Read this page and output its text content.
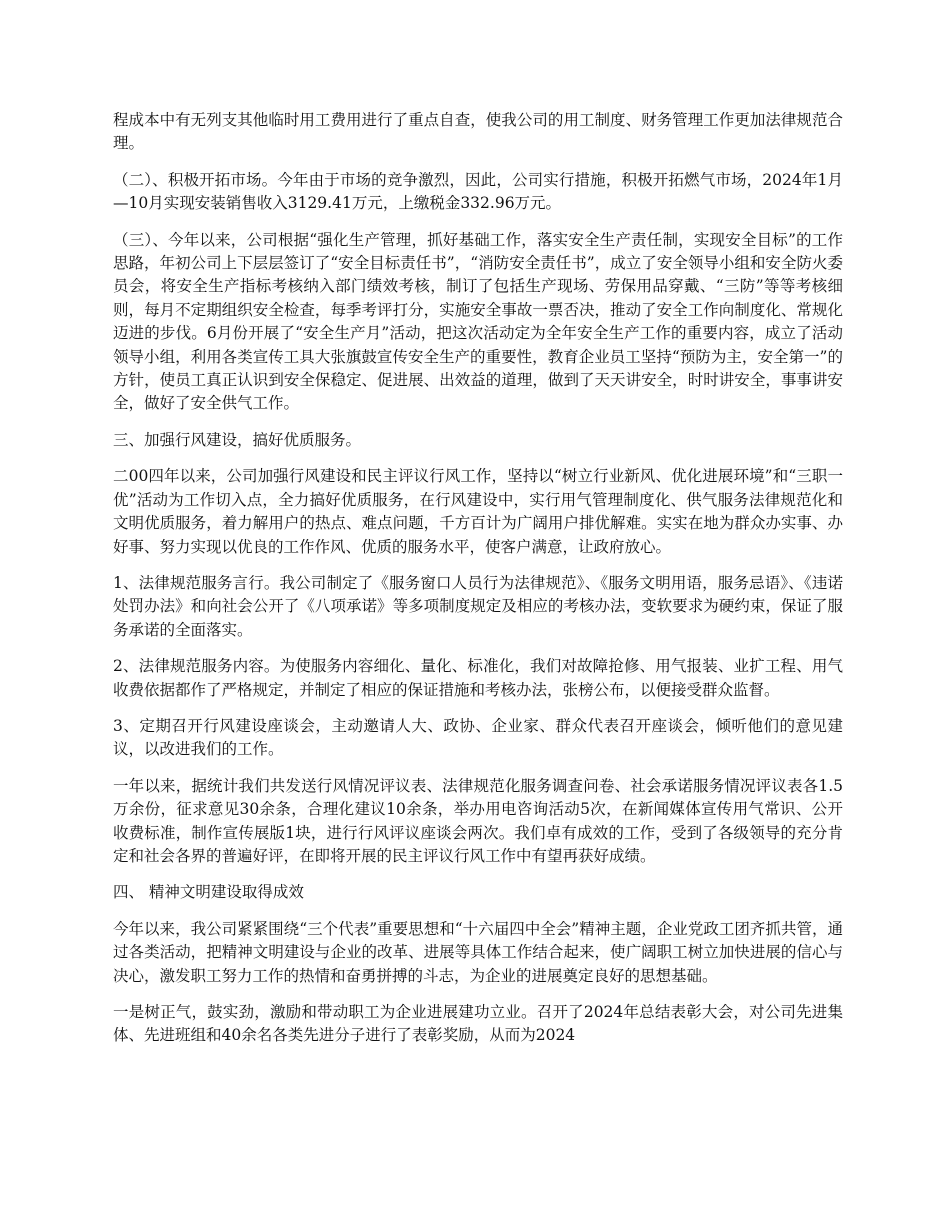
程成本中有无列支其他临时用工费用进行了重点自查，使我公司的用工制度、财务管理工作更加法律规范合理。

（二）、积极开拓市场。今年由于市场的竞争激烈，因此，公司实行措施，积极开拓燃气市场，2024年1月—10月实现安装销售收入3129.41万元，上缴税金332.96万元。

（三）、今年以来，公司根据“强化生产管理，抓好基础工作，落实安全生产责任制，实现安全目标”的工作思路，年初公司上下层层签订了“安全目标责任书”，“消防安全责任书”，成立了安全领导小组和安全防火委员会，将安全生产指标考核纳入部门绩效考核，制订了包括生产现场、劳保用品穿戴、“三防”等等考核细则，每月不定期组织安全检查，每季考评打分，实施安全事故一票否决，推动了安全工作向制度化、常规化迈进的步伐。6月份开展了“安全生产月”活动，把这次活动定为全年安全生产工作的重要内容，成立了活动领导小组，利用各类宣传工具大张旗鼓宣传安全生产的重要性，教育企业员工坚持“预防为主，安全第一”的方针，使员工真正认识到安全保稳定、促进展、出效益的道理，做到了天天讲安全，时时讲安全，事事讲安全，做好了安全供气工作。

三、加强行风建设，搞好优质服务。

二00四年以来，公司加强行风建设和民主评议行风工作，坚持以“树立行业新风、优化进展环境”和“三职一优”活动为工作切入点，全力搞好优质服务，在行风建设中，实行用气管理制度化、供气服务法律规范化和文明优质服务，着力解用户的热点、难点问题，千方百计为广阔用户排优解难。实实在地为群众办实事、办好事、努力实现以优良的工作作风、优质的服务水平，使客户满意，让政府放心。

1、法律规范服务言行。我公司制定了《服务窗口人员行为法律规范》、《服务文明用语，服务忌语》、《违诺处罚办法》和向社会公开了《八项承诺》等多项制度规定及相应的考核办法，变软要求为硬约束，保证了服务承诺的全面落实。

2、法律规范服务内容。为使服务内容细化、量化、标准化，我们对故障抢修、用气报装、业扩工程、用气收费依据都作了严格规定，并制定了相应的保证措施和考核办法，张榜公布，以便接受群众监督。

3、定期召开行风建设座谈会，主动邀请人大、政协、企业家、群众代表召开座谈会，倾听他们的意见建议，以改进我们的工作。

一年以来，据统计我们共发送行风情况评议表、法律规范化服务调查问卷、社会承诺服务情况评议表各1.5万余份，征求意见30余条，合理化建议10余条，举办用电咨询活动5次，在新闻媒体宣传用气常识、公开收费标准，制作宣传展版1块，进行行风评议座谈会两次。我们卓有成效的工作，受到了各级领导的充分肯定和社会各界的普遍好评，在即将开展的民主评议行风工作中有望再获好成绩。

四、 精神文明建设取得成效

今年以来，我公司紧紧围绕“三个代表”重要思想和“十六届四中全会”精神主题，企业党政工团齐抓共管，通过各类活动，把精神文明建设与企业的改革、进展等具体工作结合起来，使广阔职工树立加快进展的信心与决心，激发职工努力工作的热情和奋勇拼搏的斗志，为企业的进展奠定良好的思想基础。

一是树正气，鼓实劲，激励和带动职工为企业进展建功立业。召开了2024年总结表彰大会，对公司先进集体、先进班组和40余名各类先进分子进行了表彰奖励，从而为2024
